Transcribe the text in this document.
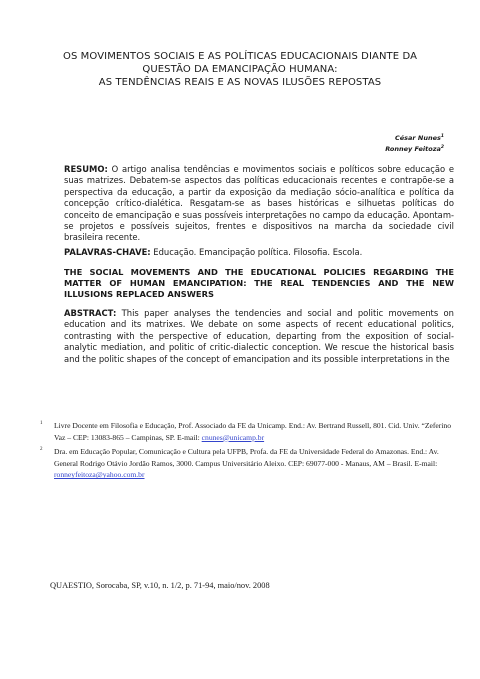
OS MOVIMENTOS SOCIAIS E AS POLÍTICAS EDUCACIONAIS DIANTE DA
QUESTÃO DA EMANCIPAÇÃO HUMANA:
AS TENDÊNCIAS REAIS E AS NOVAS ILUSÕES REPOSTAS
César Nunes$^1$
Ronney Feitoza$^2$
RESUMO: O artigo analisa tendências e movimentos sociais e políticos sobre educação e suas matrizes. Debatem-se aspectos das políticas educacionais recentes e contrapõe-se a perspectiva da educação, a partir da exposição da mediação sócio-analítica e política da concepção crítico-dialética. Resgatam-se as bases históricas e silhuetas políticas do conceito de emancipação e suas possíveis interpretações no campo da educação. Apontam-se projetos e possíveis sujeitos, frentes e dispositivos na marcha da sociedade civil brasileira recente.
PALAVRAS-CHAVE: Educação. Emancipação política. Filosofia. Escola.
THE SOCIAL MOVEMENTS AND THE EDUCATIONAL POLICIES REGARDING THE MATTER OF HUMAN EMANCIPATION: THE REAL TENDENCIES AND THE NEW ILLUSIONS REPLACED ANSWERS
ABSTRACT: This paper analyses the tendencies and social and politic movements on education and its matrixes. We debate on some aspects of recent educational politics, contrasting with the perspective of education, departing from the exposition of social-analytic mediation, and politic of critic-dialectic conception. We rescue the historical basis and the politic shapes of the concept of emancipation and its possible interpretations in the
1 Livre Docente em Filosofia e Educação, Prof. Associado da FE da Unicamp. End.: Av. Bertrand Russell, 801. Cid. Univ. “Zeferino Vaz – CEP: 13083-865 – Campinas, SP. E-mail: cnunes@unicamp.br
2 Dra. em Educação Popular, Comunicação e Cultura pela UFPB, Profa. da FE da Universidade Federal do Amazonas. End.: Av. General Rodrigo Otávio Jordão Ramos, 3000. Campus Universitário Aleixo. CEP: 69077-000 - Manaus, AM – Brasil. E-mail: ronneyfeitoza@yahoo.com.br
QUAESTIO, Sorocaba, SP, v.10, n. 1/2, p. 71-94, maio/nov. 2008
